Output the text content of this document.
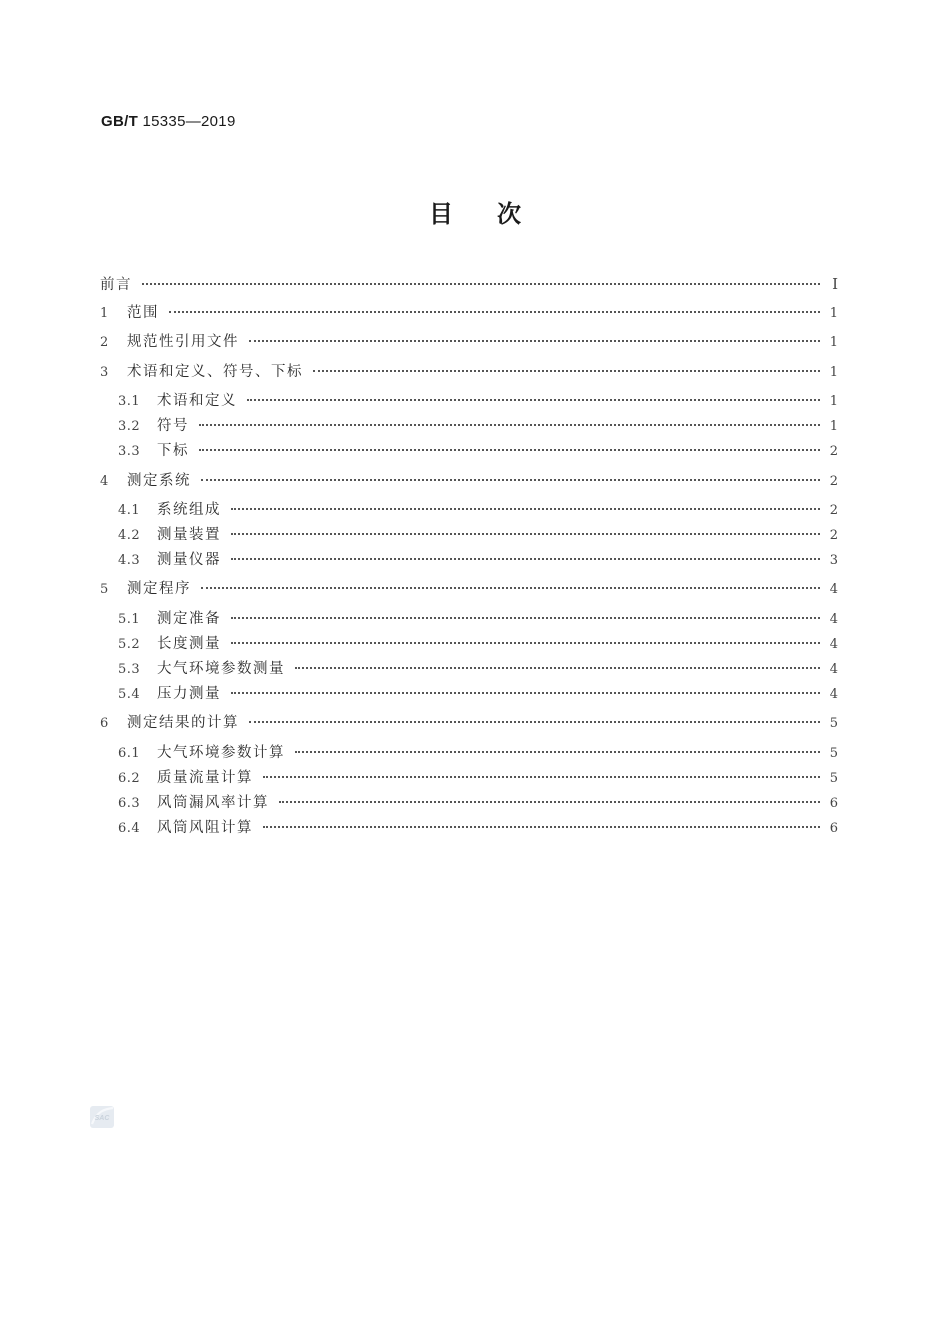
GB/T 15335—2019
目次
前言	Ⅰ
1	范围	1
2	规范性引用文件	1
3	术语和定义、符号、下标	1
3.1	术语和定义	1
3.2	符号	1
3.3	下标	2
4	测定系统	2
4.1	系统组成	2
4.2	测量装置	2
4.3	测量仪器	3
5	测定程序	4
5.1	测定准备	4
5.2	长度测量	4
5.3	大气环境参数测量	4
5.4	压力测量	4
6	测定结果的计算	5
6.1	大气环境参数计算	5
6.2	质量流量计算	5
6.3	风筒漏风率计算	6
6.4	风筒风阻计算	6
SAC
